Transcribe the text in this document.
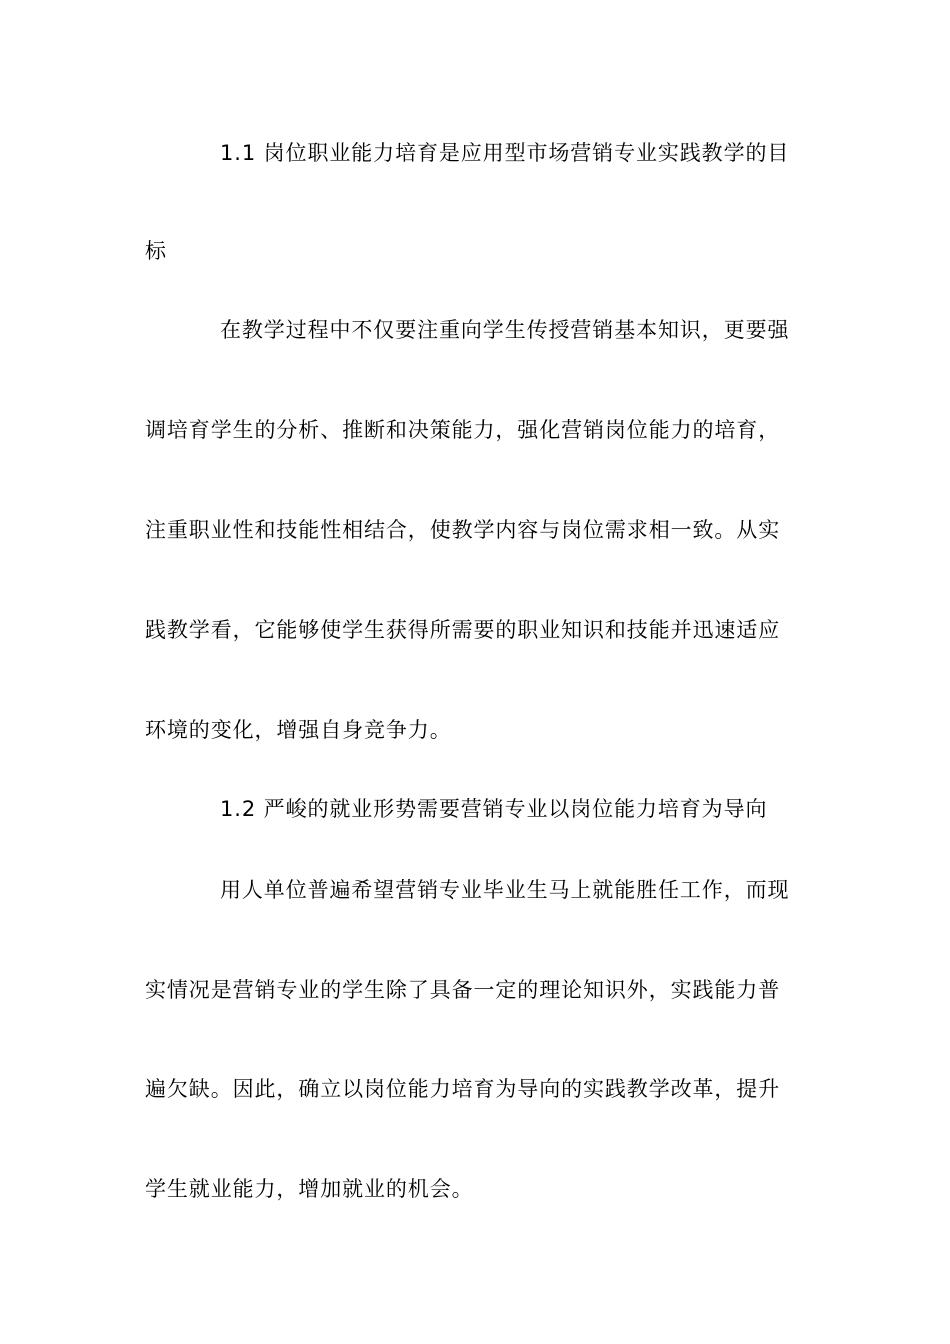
1.1 岗位职业能力培育是应用型市场营销专业实践教学的目
标
在教学过程中不仅要注重向学生传授营销基本知识，更要强
调培育学生的分析、推断和决策能力，强化营销岗位能力的培育，
注重职业性和技能性相结合，使教学内容与岗位需求相一致。从实
践教学看，它能够使学生获得所需要的职业知识和技能并迅速适应
环境的变化，增强自身竞争力。
1.2 严峻的就业形势需要营销专业以岗位能力培育为导向
用人单位普遍希望营销专业毕业生马上就能胜任工作，而现
实情况是营销专业的学生除了具备一定的理论知识外，实践能力普
遍欠缺。因此，确立以岗位能力培育为导向的实践教学改革，提升
学生就业能力，增加就业的机会。
